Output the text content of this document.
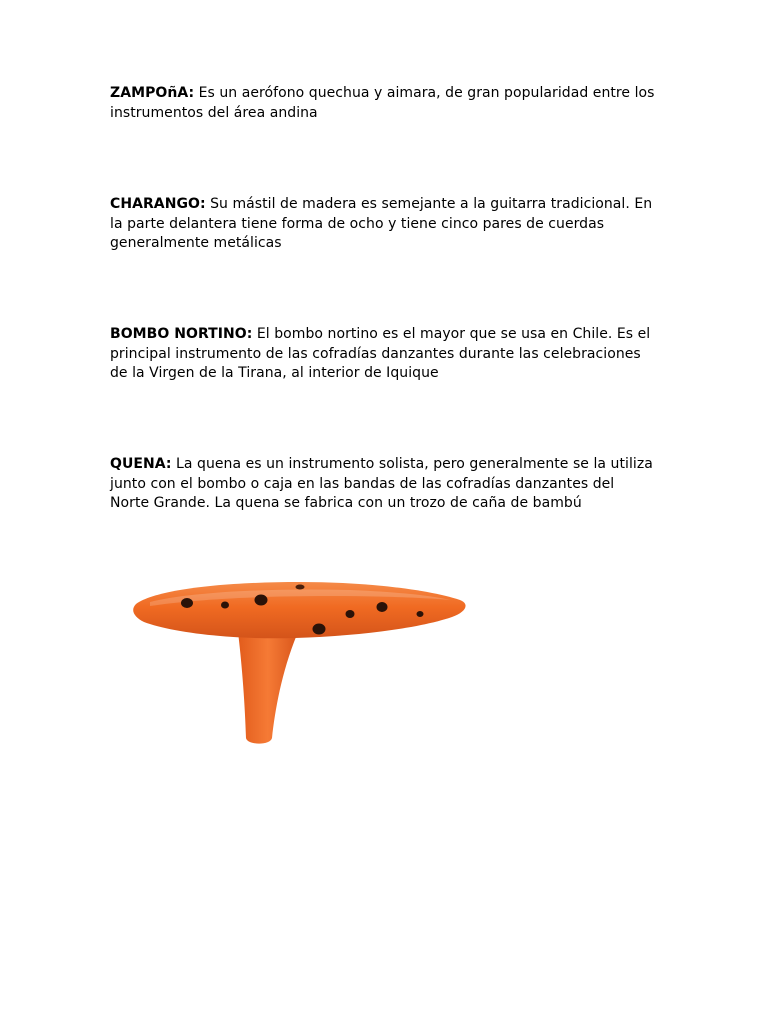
ZAMPOñA: Es un aerófono quechua y aimara, de gran popularidad entre los instrumentos del área andina

CHARANGO: Su mástil de madera es semejante a la guitarra tradicional. En la parte delantera tiene forma de ocho y tiene cinco pares de cuerdas generalmente metálicas

BOMBO NORTINO: El bombo nortino es el mayor que se usa en Chile. Es el principal instrumento de las cofradías danzantes durante las celebraciones de la Virgen de la Tirana, al interior de Iquique

QUENA: La quena es un instrumento solista, pero generalmente se la utiliza junto con el bombo o caja en las bandas de las cofradías danzantes del Norte Grande. La quena se fabrica con un trozo de caña de bambú
